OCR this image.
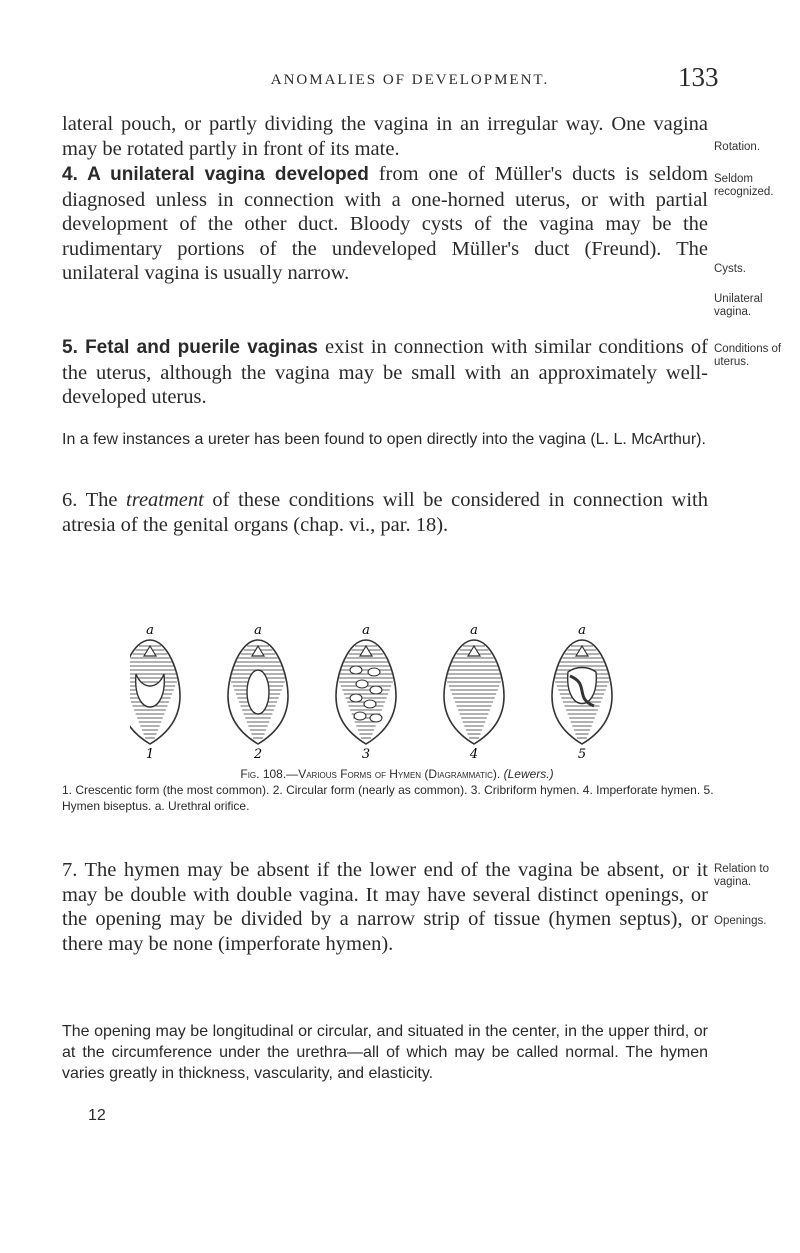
ANOMALIES OF DEVELOPMENT.	133
lateral pouch, or partly dividing the vagina in an irregular way. One vagina may be rotated partly in front of its mate.
4. A unilateral vagina developed from one of Müller's ducts is seldom diagnosed unless in connection with a one-horned uterus, or with partial development of the other duct. Bloody cysts of the vagina may be the rudimentary portions of the undeveloped Müller's duct (Freund). The unilateral vagina is usually narrow.
5. Fetal and puerile vaginas exist in connection with similar conditions of the uterus, although the vagina may be small with an approximately well-developed uterus.
In a few instances a ureter has been found to open directly into the vagina (L. L. McArthur).
6. The treatment of these conditions will be considered in connection with atresia of the genital organs (chap. vi., par. 18).
a	a	a	a	a
1	2	3	4	5
Fig. 108.—Various Forms of Hymen (Diagrammatic). (Lewers.)
1. Crescentic form (the most common). 2. Circular form (nearly as common). 3. Cribriform hymen. 4. Imperforate hymen. 5. Hymen biseptus. a. Urethral orifice.
7. The hymen may be absent if the lower end of the vagina be absent, or it may be double with double vagina. It may have several distinct openings, or the opening may be divided by a narrow strip of tissue (hymen septus), or there may be none (imperforate hymen).
The opening may be longitudinal or circular, and situated in the center, in the upper third, or at the circumference under the urethra—all of which may be called normal. The hymen varies greatly in thickness, vascularity, and elasticity.
12
Rotation.
Seldom recognized.
Cysts.
Unilateral vagina.
Conditions of uterus.
Relation to vagina.
Openings.
